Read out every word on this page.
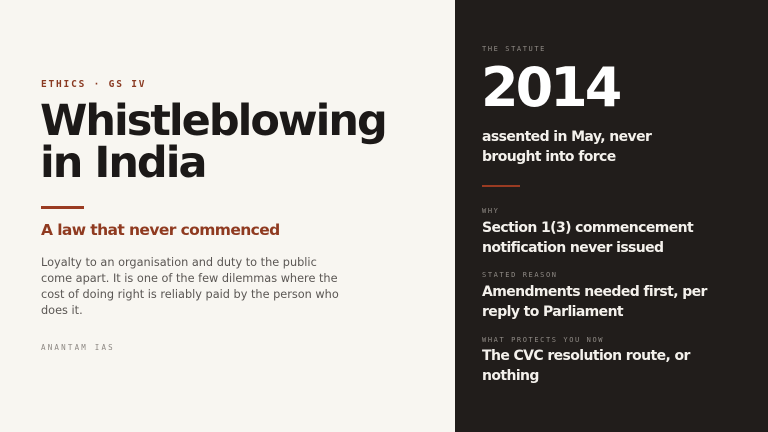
ETHICS · GS IV
Whistleblowing
in India
A law that never commenced
Loyalty to an organisation and duty to the public
come apart. It is one of the few dilemmas where the
cost of doing right is reliably paid by the person who
does it.
ANANTAM IAS
THE STATUTE
2014
assented in May, never
brought into force
WHY
Section 1(3) commencement
notification never issued
STATED REASON
Amendments needed first, per
reply to Parliament
WHAT PROTECTS YOU NOW
The CVC resolution route, or
nothing
